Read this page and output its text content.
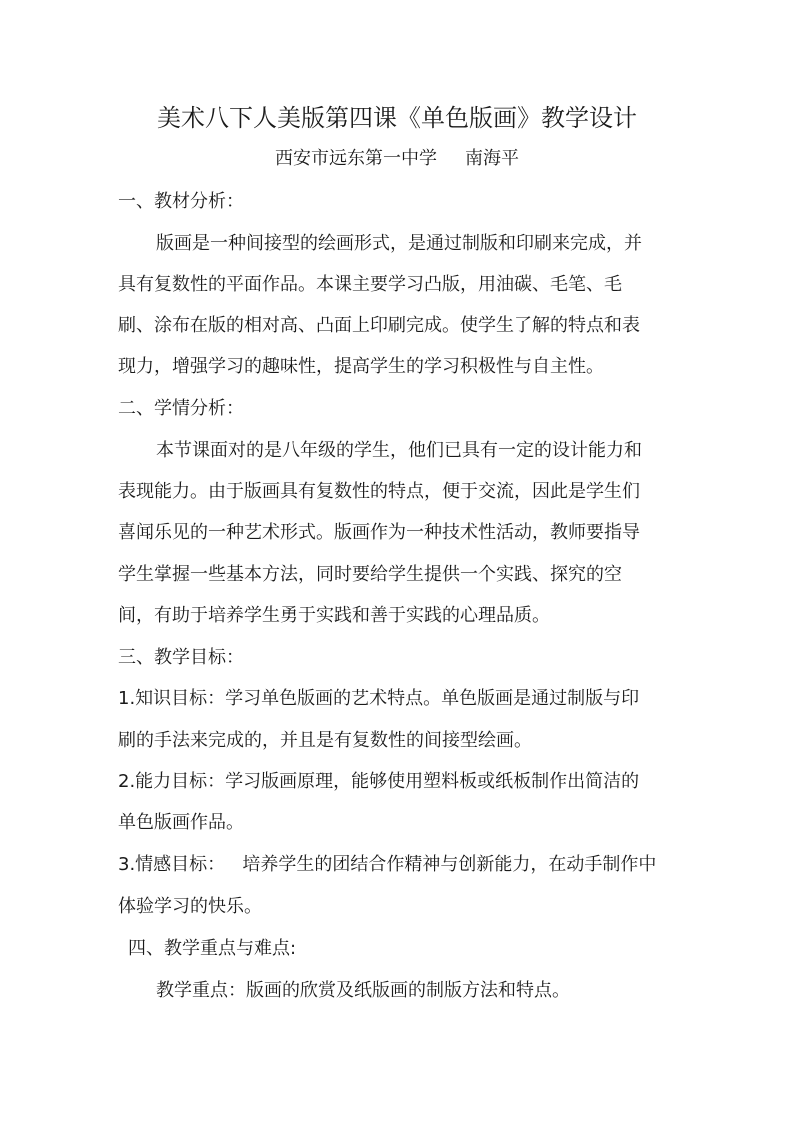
美术八下人美版第四课《单色版画》教学设计
西安市远东第一中学 南海平
一、教材分析：
版画是一种间接型的绘画形式，是通过制版和印刷来完成，并
具有复数性的平面作品。本课主要学习凸版，用油碳、毛笔、毛
刷、涂布在版的相对高、凸面上印刷完成。使学生了解的特点和表
现力，增强学习的趣味性，提高学生的学习积极性与自主性。
二、学情分析：
本节课面对的是八年级的学生，他们已具有一定的设计能力和
表现能力。由于版画具有复数性的特点，便于交流，因此是学生们
喜闻乐见的一种艺术形式。版画作为一种技术性活动，教师要指导
学生掌握一些基本方法，同时要给学生提供一个实践、探究的空
间，有助于培养学生勇于实践和善于实践的心理品质。
三、教学目标：
1.知识目标：学习单色版画的艺术特点。单色版画是通过制版与印
刷的手法来完成的，并且是有复数性的间接型绘画。
2.能力目标：学习版画原理，能够使用塑料板或纸板制作出简洁的
单色版画作品。
3.情感目标：   培养学生的团结合作精神与创新能力，在动手制作中
体验学习的快乐。
四、教学重点与难点:
教学重点：版画的欣赏及纸版画的制版方法和特点。
